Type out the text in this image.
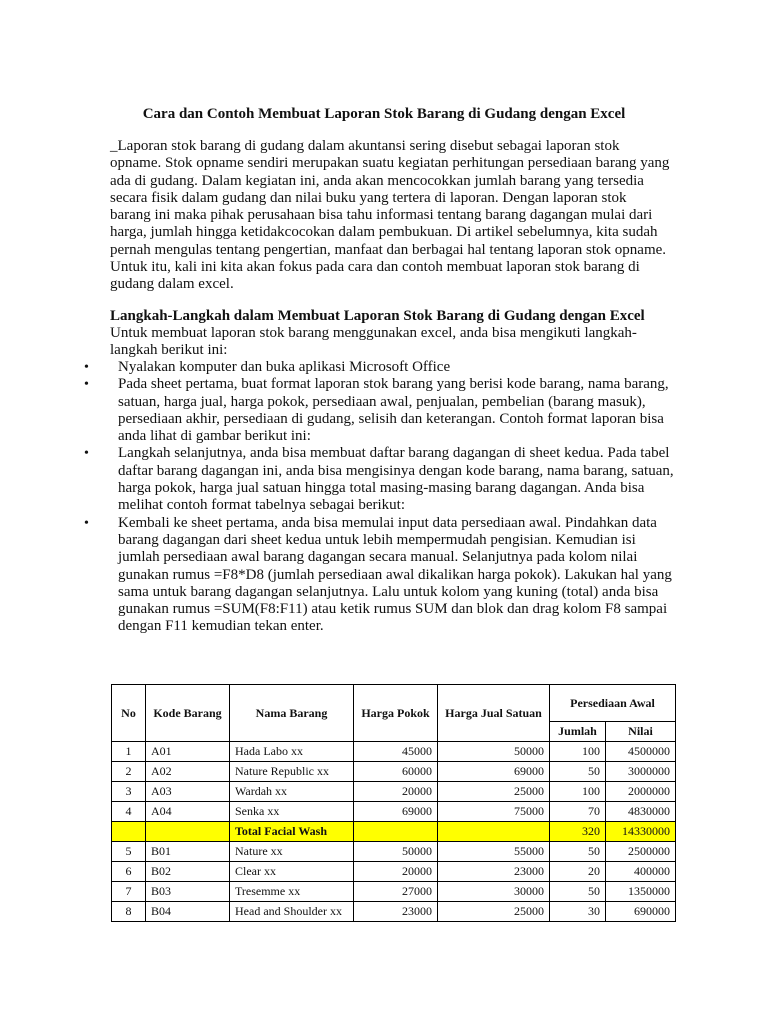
Cara dan Contoh Membuat Laporan Stok Barang di Gudang dengan Excel
_ Laporan stok barang di gudang dalam akuntansi sering disebut sebagai laporan stok opname. Stok opname sendiri merupakan suatu kegiatan perhitungan persediaan barang yang ada di gudang. Dalam kegiatan ini, anda akan mencocokkan jumlah barang yang tersedia secara fisik dalam gudang dan nilai buku yang tertera di laporan. Dengan laporan stok barang ini maka pihak perusahaan bisa tahu informasi tentang barang dagangan mulai dari harga, jumlah hingga ketidakcocokan dalam pembukuan. Di artikel sebelumnya, kita sudah pernah mengulas tentang pengertian, manfaat dan berbagai hal tentang laporan stok opname. Untuk itu, kali ini kita akan fokus pada cara dan contoh membuat laporan stok barang di gudang dalam excel.
Langkah-Langkah dalam Membuat Laporan Stok Barang di Gudang dengan Excel
Untuk membuat laporan stok barang menggunakan excel, anda bisa mengikuti langkah-langkah berikut ini:
• Nyalakan komputer dan buka aplikasi Microsoft Office
• Pada sheet pertama, buat format laporan stok barang yang berisi kode barang, nama barang, satuan, harga jual, harga pokok, persediaan awal, penjualan, pembelian (barang masuk), persediaan akhir, persediaan di gudang, selisih dan keterangan. Contoh format laporan bisa anda lihat di gambar berikut ini:
• Langkah selanjutnya, anda bisa membuat daftar barang dagangan di sheet kedua. Pada tabel daftar barang dagangan ini, anda bisa mengisinya dengan kode barang, nama barang, satuan, harga pokok, harga jual satuan hingga total masing-masing barang dagangan. Anda bisa melihat contoh format tabelnya sebagai berikut:
• Kembali ke sheet pertama, anda bisa memulai input data persediaan awal. Pindahkan data barang dagangan dari sheet kedua untuk lebih mempermudah pengisian. Kemudian isi jumlah persediaan awal barang dagangan secara manual. Selanjutnya pada kolom nilai gunakan rumus =F8*D8 (jumlah persediaan awal dikalikan harga pokok). Lakukan hal yang sama untuk barang dagangan selanjutnya. Lalu untuk kolom yang kuning (total) anda bisa gunakan rumus =SUM(F8:F11) atau ketik rumus SUM dan blok dan drag kolom F8 sampai dengan F11 kemudian tekan enter.
No	Kode Barang	Nama Barang	Harga Pokok	Harga Jual Satuan	Persediaan Awal	
					Jumlah	Nilai
1	A01	Hada Labo xx	45000	50000	100	4500000
2	A02	Nature Republic xx	60000	69000	50	3000000
3	A03	Wardah xx	20000	25000	100	2000000
4	A04	Senka xx	69000	75000	70	4830000
		Total Facial Wash			320	14330000
5	B01	Nature xx	50000	55000	50	2500000
6	B02	Clear xx	20000	23000	20	400000
7	B03	Tresemme xx	27000	30000	50	1350000
8	B04	Head and Shoulder xx	23000	25000	30	690000
